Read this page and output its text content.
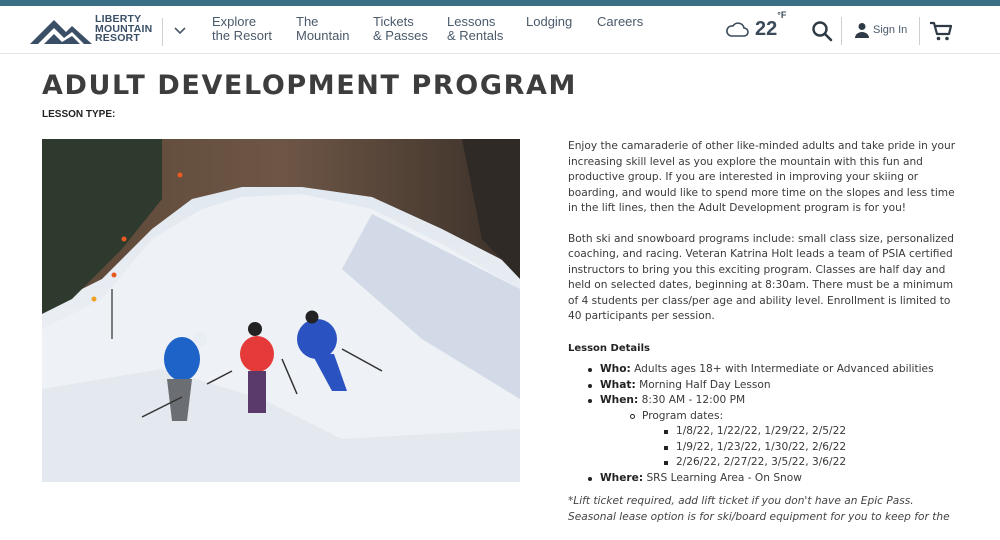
LIBERTY
MOUNTAIN
RESORT
Explore
the Resort
The
Mountain
Tickets
& Passes
Lessons
& Rentals
Lodging Careers	$22^{^\circ F}$
Sign In
ADULT DEVELOPMENT PROGRAM
LESSON TYPE:

Enjoy the camaraderie of other like-minded adults and take pride in your increasing skill level as you explore the mountain with this fun and productive group. If you are interested in improving your skiing or boarding, and would like to spend more time on the slopes and less time in the lift lines, then the Adult Development program is for you!

Both ski and snowboard programs include: small class size, personalized coaching, and racing. Veteran Katrina Holt leads a team of PSIA certified instructors to bring you this exciting program. Classes are half day and held on selected dates, beginning at 8:30am. There must be a minimum of 4 students per class/per age and ability level. Enrollment is limited to 40 participants per session.

Lesson Details
Who: Adults ages 18+ with Intermediate or Advanced abilities
What: Morning Half Day Lesson
When: 8:30 AM - 12:00 PM
Program dates:
1/8/22, 1/22/22, 1/29/22, 2/5/22
1/9/22, 1/23/22, 1/30/22, 2/6/22
2/26/22, 2/27/22, 3/5/22, 3/6/22
Where: SRS Learning Area - On Snow

*Lift ticket required, add lift ticket if you don't have an Epic Pass.
Seasonal lease option is for ski/board equipment for you to keep for the
